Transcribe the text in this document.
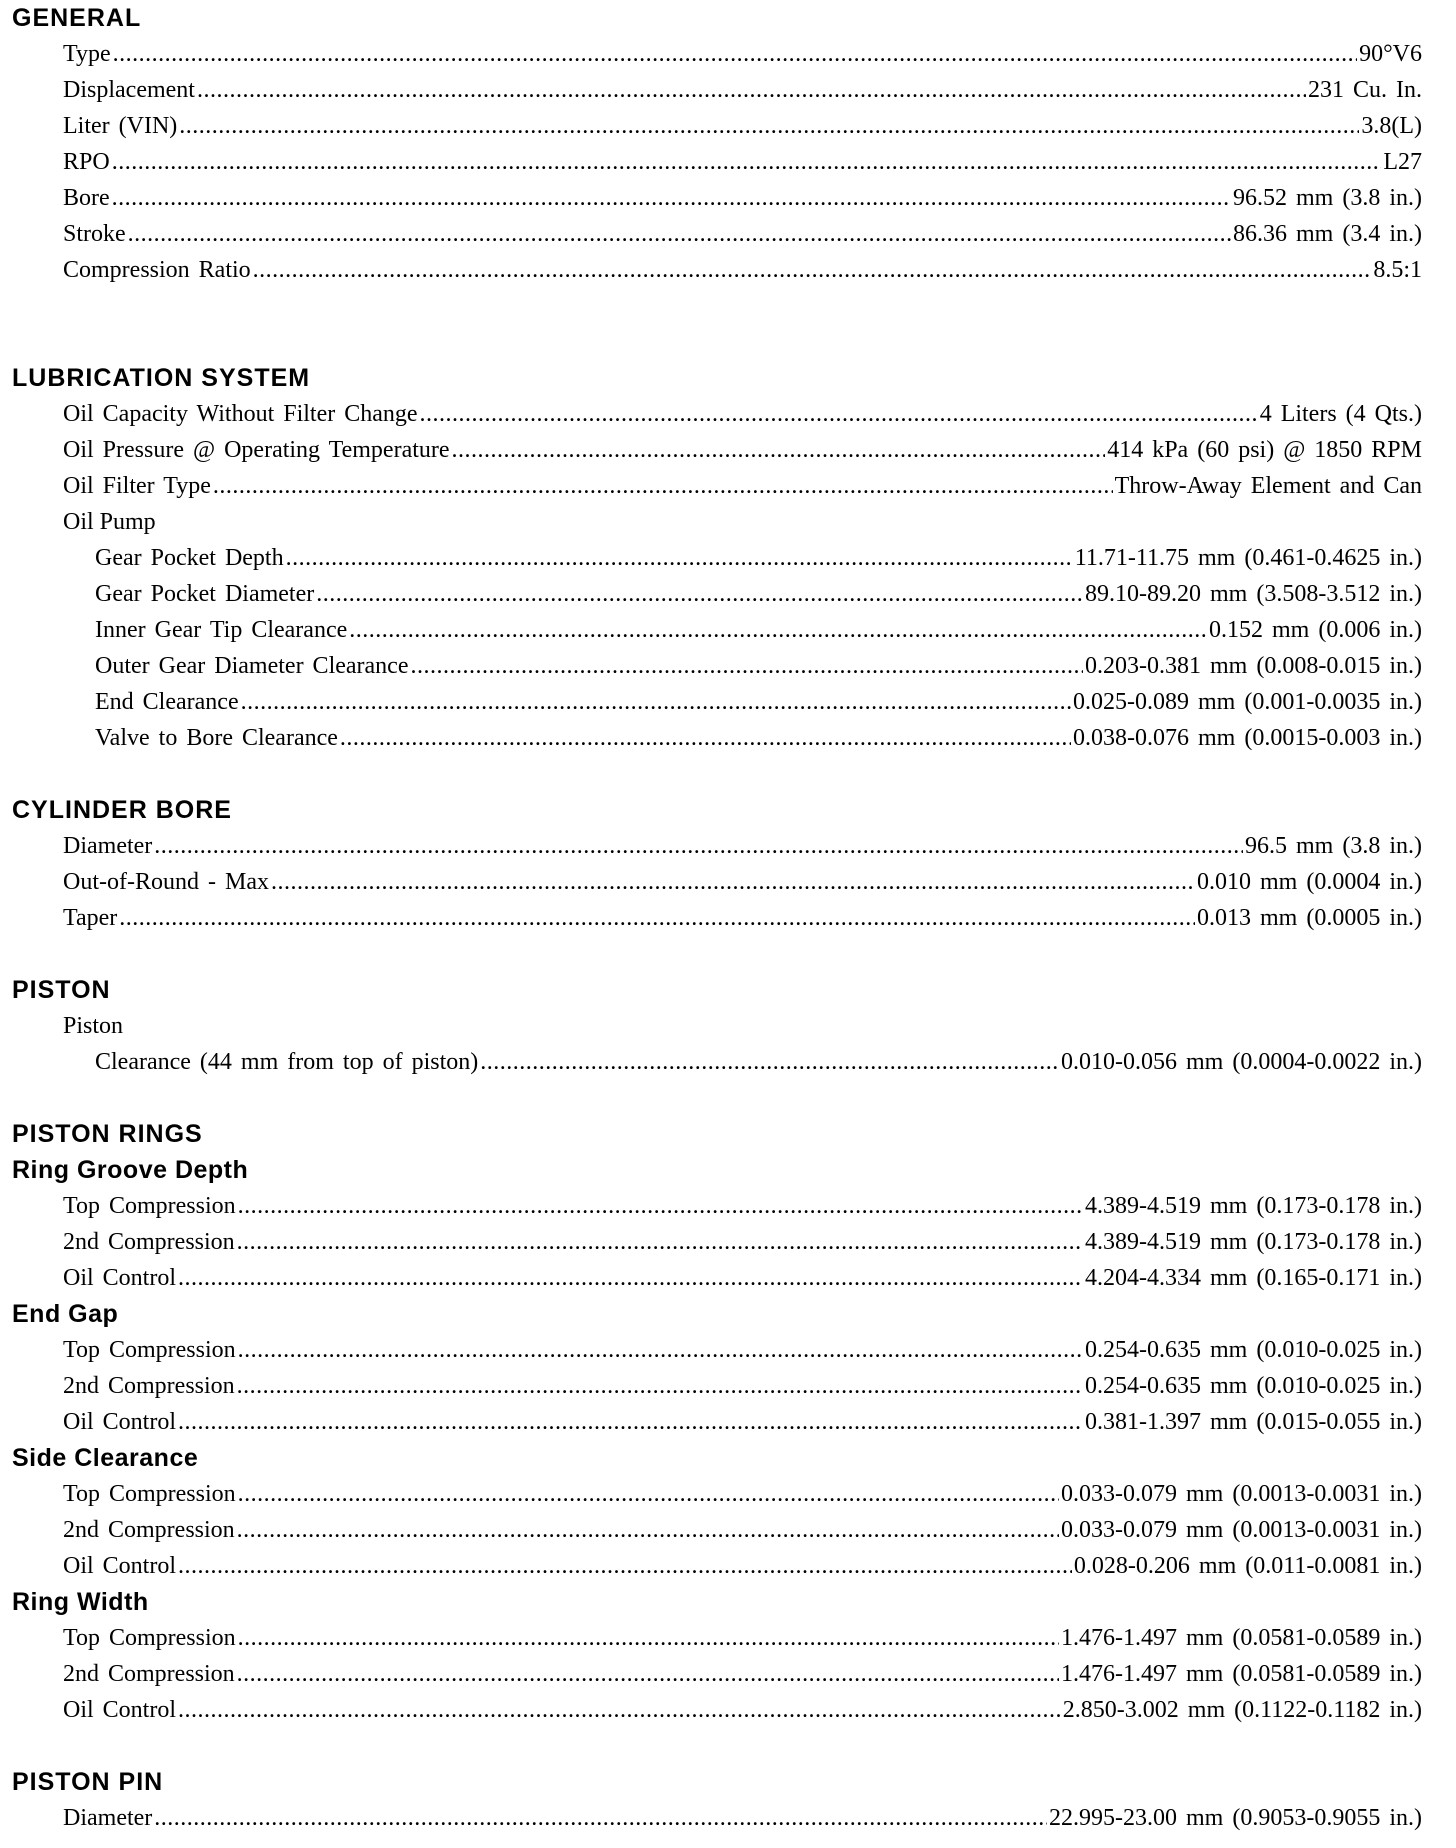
GENERAL
Type .....	90°V6
Displacement .....	231 Cu. In.
Liter (VIN) .....	3.8(L)
RPO .....	L27
Bore .....	96.52 mm (3.8 in.)
Stroke .....	86.36 mm (3.4 in.)
Compression Ratio .....	8.5:1
LUBRICATION SYSTEM
Oil Capacity Without Filter Change .....	4 Liters (4 Qts.)
Oil Pressure @ Operating Temperature .....	414 kPa (60 psi) @ 1850 RPM
Oil Filter Type .....	Throw-Away Element and Can
Oil Pump
Gear Pocket Depth .....	11.71-11.75 mm (0.461-0.4625 in.)
Gear Pocket Diameter .....	89.10-89.20 mm (3.508-3.512 in.)
Inner Gear Tip Clearance .....	0.152 mm (0.006 in.)
Outer Gear Diameter Clearance .....	0.203-0.381 mm (0.008-0.015 in.)
End Clearance .....	0.025-0.089 mm (0.001-0.0035 in.)
Valve to Bore Clearance .....	0.038-0.076 mm (0.0015-0.003 in.)
CYLINDER BORE
Diameter .....	96.5 mm (3.8 in.)
Out-of-Round - Max .....	0.010 mm (0.0004 in.)
Taper .....	0.013 mm (0.0005 in.)
PISTON
Piston
Clearance (44 mm from top of piston) .....	0.010-0.056 mm (0.0004-0.0022 in.)
PISTON RINGS
Ring Groove Depth
Top Compression .....	4.389-4.519 mm (0.173-0.178 in.)
2nd Compression .....	4.389-4.519 mm (0.173-0.178 in.)
Oil Control .....	4.204-4.334 mm (0.165-0.171 in.)
End Gap
Top Compression .....	0.254-0.635 mm (0.010-0.025 in.)
2nd Compression .....	0.254-0.635 mm (0.010-0.025 in.)
Oil Control .....	0.381-1.397 mm (0.015-0.055 in.)
Side Clearance
Top Compression .....	0.033-0.079 mm (0.0013-0.0031 in.)
2nd Compression .....	0.033-0.079 mm (0.0013-0.0031 in.)
Oil Control .....	0.028-0.206 mm (0.011-0.0081 in.)
Ring Width
Top Compression .....	1.476-1.497 mm (0.0581-0.0589 in.)
2nd Compression .....	1.476-1.497 mm (0.0581-0.0589 in.)
Oil Control .....	2.850-3.002 mm (0.1122-0.1182 in.)
PISTON PIN
Diameter .....	22.995-23.00 mm (0.9053-0.9055 in.)
